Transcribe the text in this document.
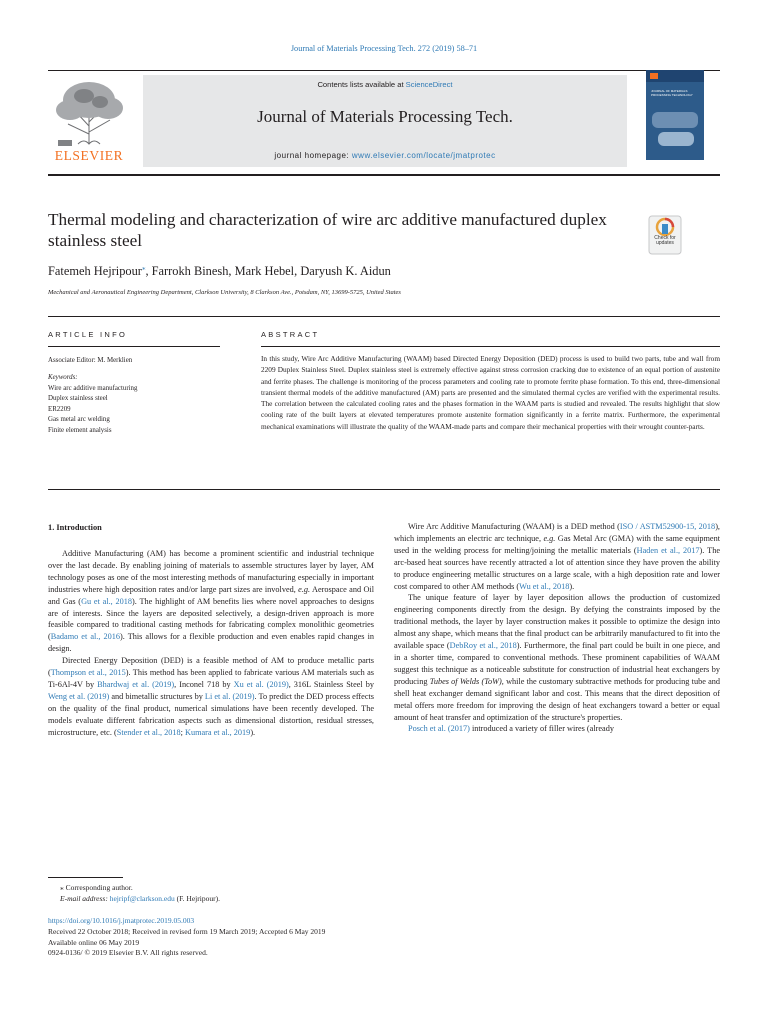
Journal of Materials Processing Tech. 272 (2019) 58–71
ELSEVIER
Contents lists available at ScienceDirect
Journal of Materials Processing Tech.
journal homepage: www.elsevier.com/locate/jmatprotec
JOURNAL OF MATERIALS PROCESSING TECHNOLOGY
Thermal modeling and characterization of wire arc additive manufactured duplex stainless steel	Check for updates
Fatemeh Hejripour⁎, Farrokh Binesh, Mark Hebel, Daryush K. Aidun
Mechanical and Aeronautical Engineering Department, Clarkson University, 8 Clarkson Ave., Potsdam, NY, 13699-5725, United States
ARTICLE INFO
Associate Editor: M. Merklien
Keywords:
Wire arc additive manufacturing
Duplex stainless steel
ER2209
Gas metal arc welding
Finite element analysis
ABSTRACT
In this study, Wire Arc Additive Manufacturing (WAAM) based Directed Energy Deposition (DED) process is used to build two parts, tube and wall from 2209 Duplex Stainless Steel. Duplex stainless steel is extremely effective against stress corrosion cracking due to existence of an equal portion of austenite and ferrite phases. The challenge is monitoring of the process parameters and cooling rate to promote ferrite phase formation. To this end, three-dimensional transient thermal models of the additive manufactured (AM) parts are presented and the simulated thermal cycles are verified with the experimental results. The correlation between the calculated cooling rates and the phases formation in the WAAM parts is studied and revealed. The results highlight that slow cooling rate of the built layers at elevated temperatures promote austenite formation significantly in a ferrite matrix. Furthermore, the experimental mechanical examinations will illustrate the quality of the WAAM-made parts and compare their mechanical properties with their wrought counter-parts.
1. Introduction

Additive Manufacturing (AM) has become a prominent scientific and industrial technique over the last decade. By enabling joining of materials to assemble structures layer by layer, AM technology poses as one of the most interesting methods of manufacturing especially in important industries where high deposition rates and/or large part sizes are involved, e.g. Aerospace and Oil and Gas (Gu et al., 2018). The highlight of AM benefits lies where novel approaches to designs are of interests. Since the layers are deposited selectively, a design-driven approach is more feasible compared to traditional casting methods for fabricating complex monolithic geometries (Badamo et al., 2016). This allows for a flexible production and even enables rapid changes in design.

Directed Energy Deposition (DED) is a feasible method of AM to produce metallic parts (Thompson et al., 2015). This method has been applied to fabricate various AM materials such as Ti-6Al-4V by Bhardwaj et al. (2019), Inconel 718 by Xu et al. (2019), 316L Stainless Steel by Weng et al. (2019) and bimetallic structures by Li et al. (2019). To predict the DED process effects on the quality of the final product, numerical simulations have been recently developed. The models evaluate different fabrication aspects such as dimensional distortion, residual stresses, microstructure, etc. (Stender et al., 2018; Kumara et al., 2019).

Wire Arc Additive Manufacturing (WAAM) is a DED method (ISO / ASTM52900-15, 2018), which implements an electric arc technique, e.g. Gas Metal Arc (GMA) with the same equipment used in the welding process for melting/joining the metallic materials (Haden et al., 2017). The arc-based heat sources have recently attracted a lot of attention since they have proven the ability to produce engineering metallic structures on a large scale, with a high deposition rate and lower cost compared to other AM methods (Wu et al., 2018).

The unique feature of layer by layer deposition allows the production of customized engineering components directly from the design. By defying the constraints imposed by the traditional methods, the layer by layer construction makes it possible to optimize the design into almost any shape, which means that the final product can be arbitrarily manufactured to fit into the available space (DebRoy et al., 2018). Furthermore, the final part could be built in one piece, and in a shorter time, compared to conventional methods. These prominent capabilities of WAAM suggest this technique as a noticeable substitute for construction of industrial heat exchangers by producing Tubes of Welds (ToW), while the customary subtractive methods for producing tube and shell heat exchanger demand significant labor and cost. This means that the direct deposition of metal offers more freedom for improving the design of heat exchangers toward a better or equal amount of heat transfer and optimization of the structure's properties.

Posch et al. (2017) introduced a variety of filler wires (already

⁎ Corresponding author.
E-mail address: hejripf@clarkson.edu (F. Hejripour).
https://doi.org/10.1016/j.jmatprotec.2019.05.003
Received 22 October 2018; Received in revised form 19 March 2019; Accepted 6 May 2019
Available online 06 May 2019
0924-0136/ © 2019 Elsevier B.V. All rights reserved.
